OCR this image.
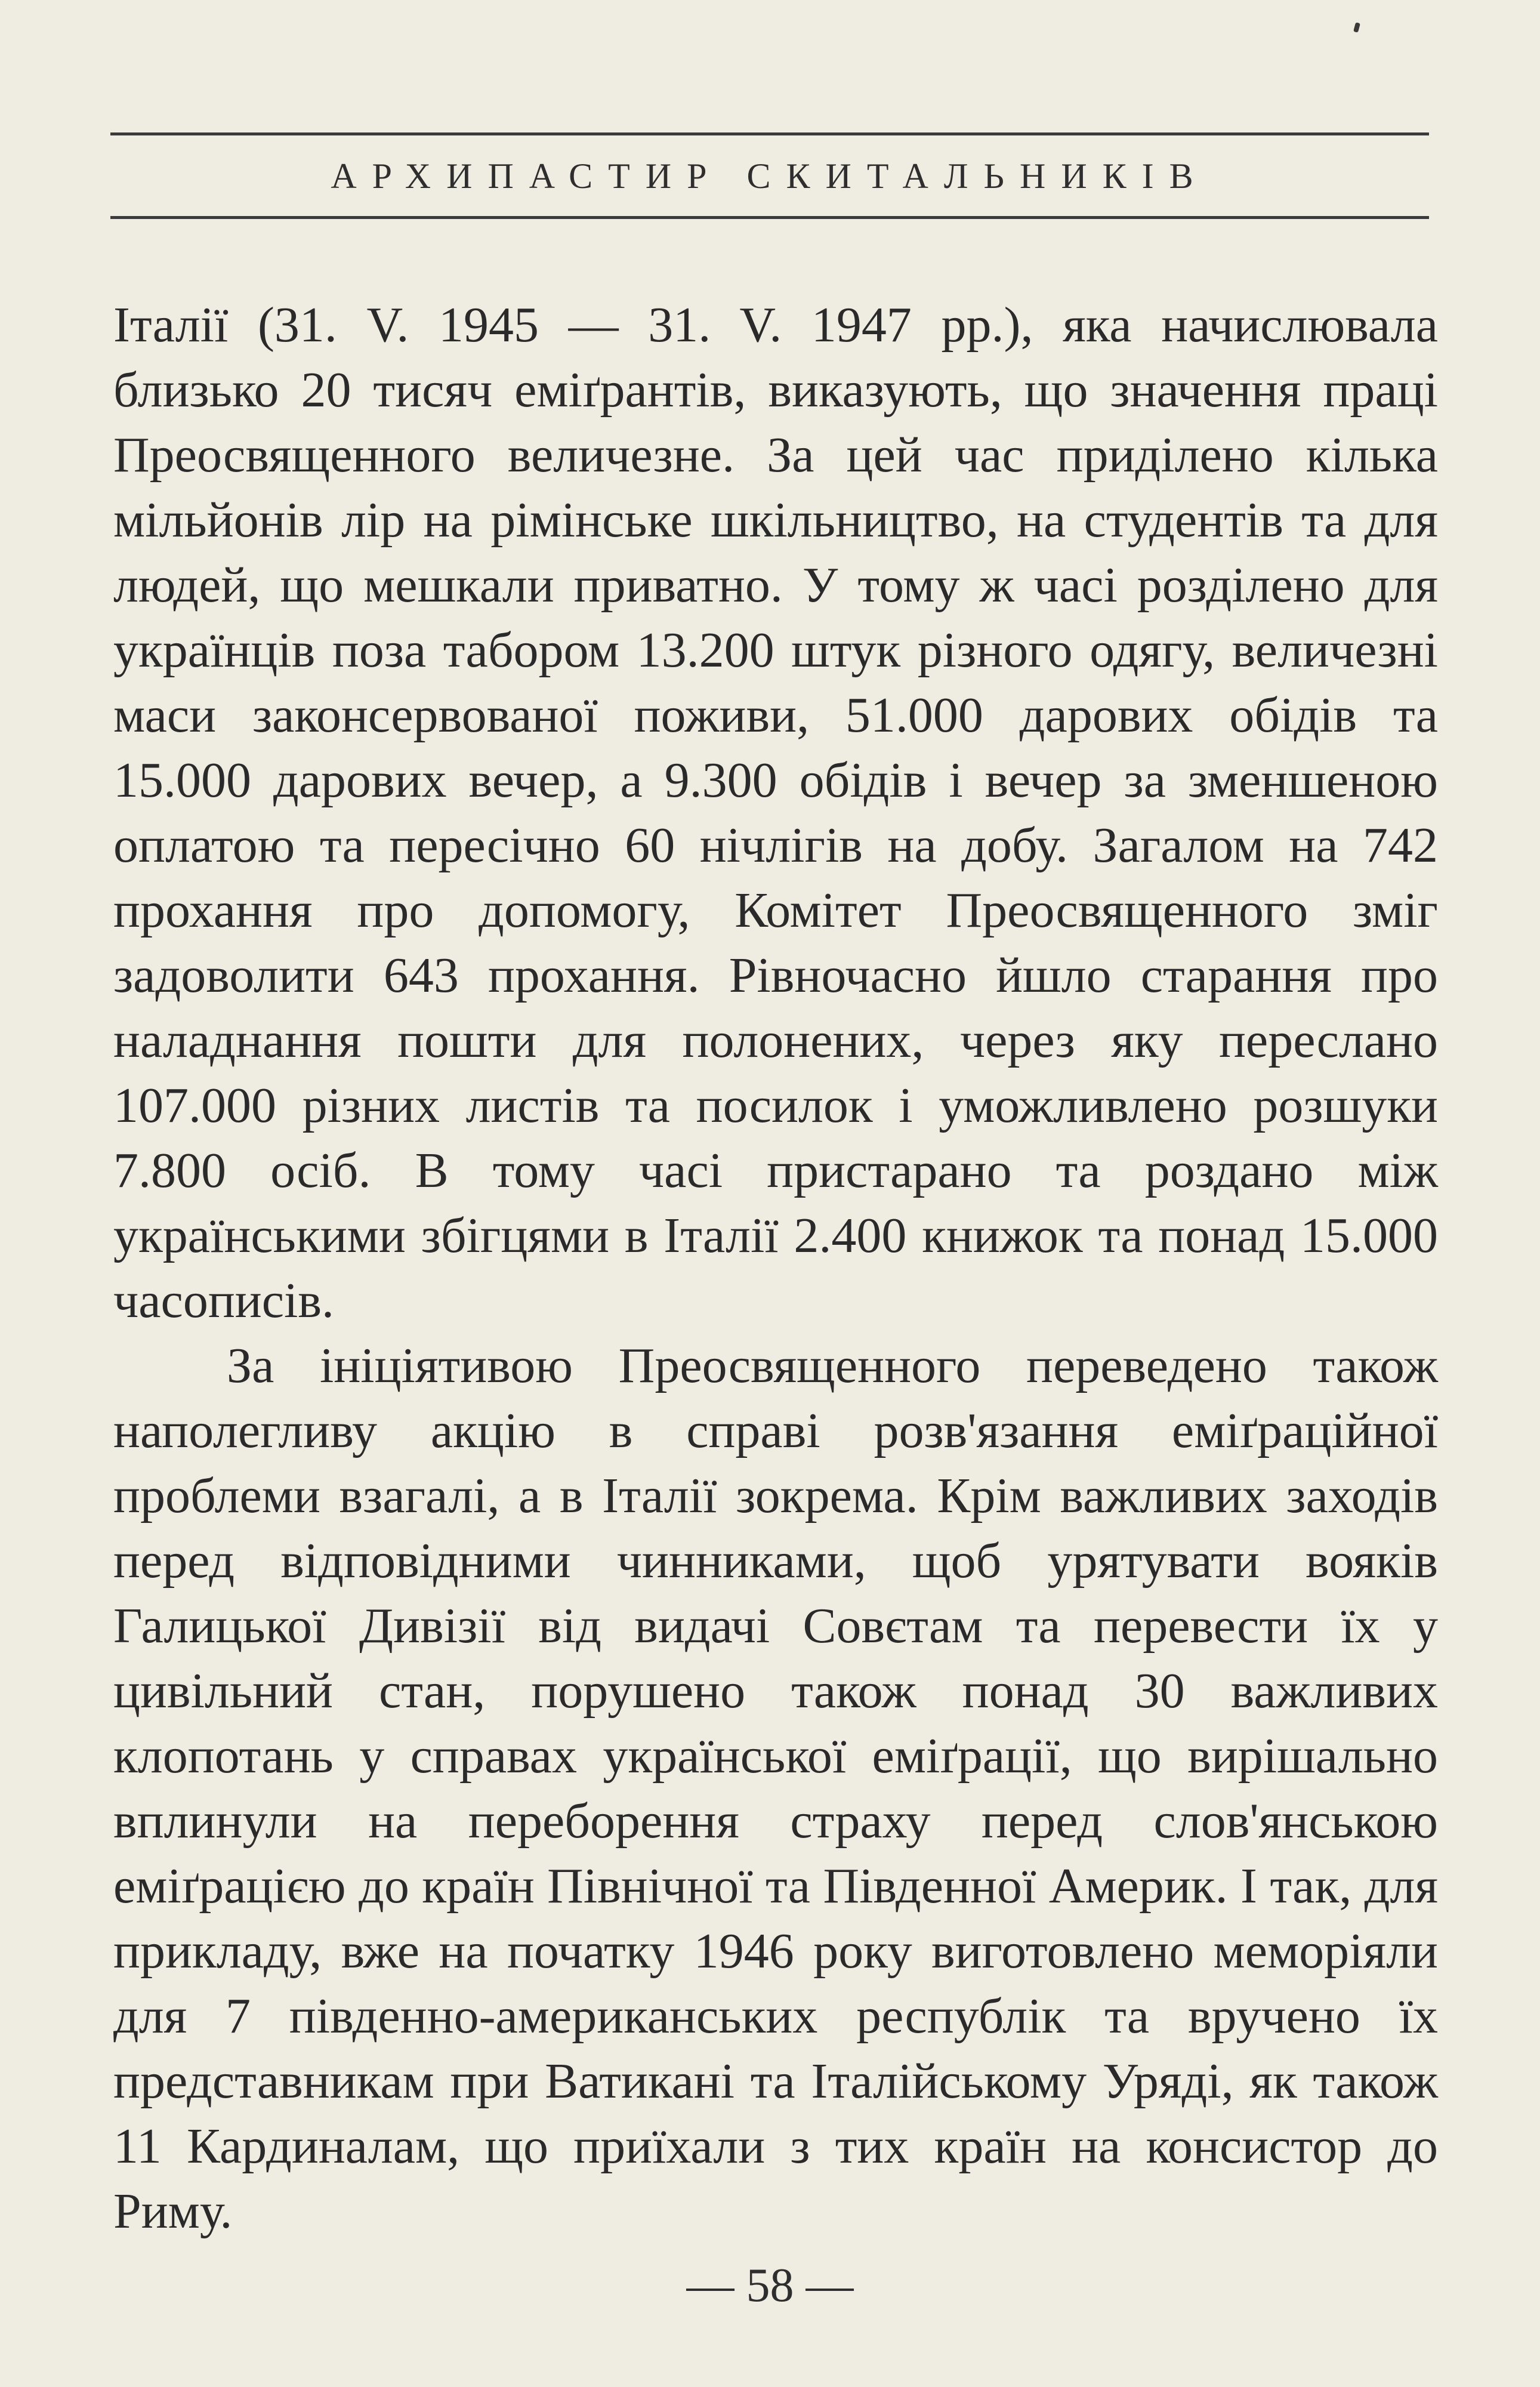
АРХИПАСТИР СКИТАЛЬНИКІВ

Італії (31. V. 1945 — 31. V. 1947 рр.), яка начислювала близько 20 тисяч еміґрантів, виказують, що значення праці Преосвященного величезне. За цей час приділено кілька мільйонів лір на рімінське шкільництво, на студентів та для людей, що мешкали приватно. У тому ж часі розділено для українців поза табором 13.200 штук різного одягу, величезні маси законсервованої поживи, 51.000 дарових обідів та 15.000 дарових вечер, а 9.300 обідів і вечер за зменшеною оплатою та пересічно 60 нічлігів на добу. Загалом на 742 прохання про допомогу, Комітет Преосвященного зміг задоволити 643 прохання. Рівночасно йшло старання про наладнання пошти для полонених, через яку переслано 107.000 різних листів та посилок і уможливлено розшуки 7.800 осіб. В тому часі пристарано та роздано між українськими збігцями в Італії 2.400 книжок та понад 15.000 часописів.

За ініціятивою Преосвященного переведено також наполегливу акцію в справі розв'язання еміґраційної проблеми взагалі, а в Італії зокрема. Крім важливих заходів перед відповідними чинниками, щоб урятувати вояків Галицької Дивізії від видачі Совєтам та перевести їх у цивільний стан, порушено також понад 30 важливих клопотань у справах української еміґрації, що вирішально вплинули на переборення страху перед слов'янською еміґрацією до країн Північної та Південної Америк. І так, для прикладу, вже на початку 1946 року виготовлено меморіяли для 7 південно-американських республік та вручено їх представникам при Ватикані та Італійському Уряді, як також 11 Кардиналам, що приїхали з тих країн на консистор до Риму.

— 58 —
